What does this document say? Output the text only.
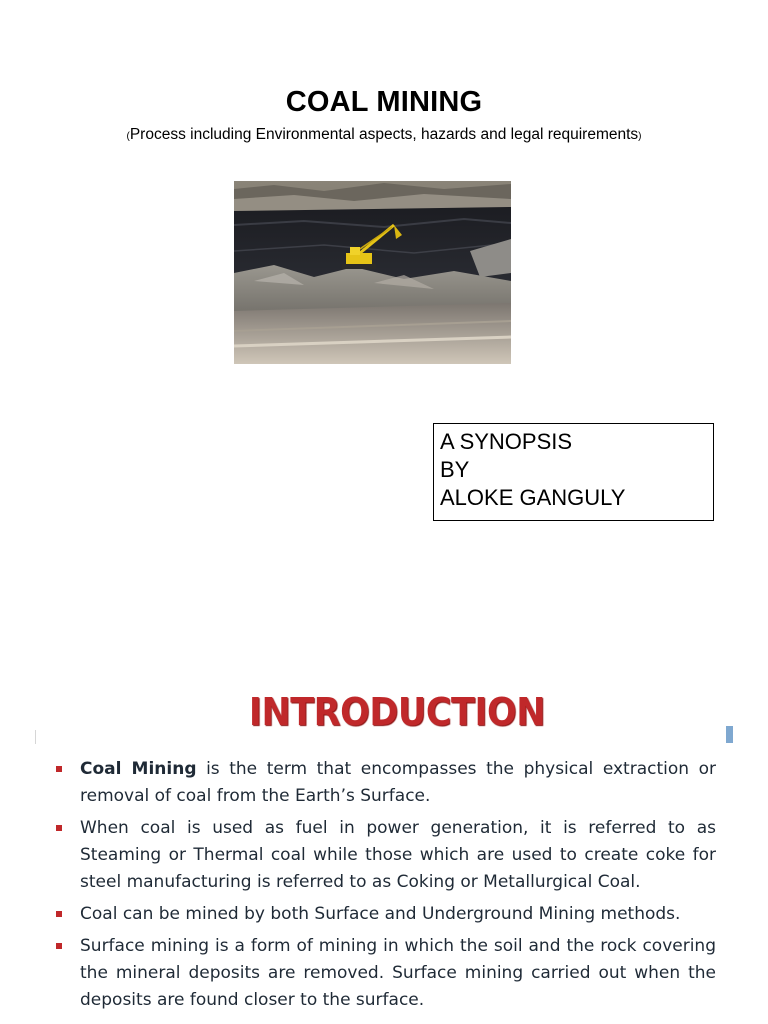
COAL MINING
(Process including Environmental aspects, hazards and legal requirements)
A SYNOPSIS
BY
ALOKE GANGULY
INTRODUCTION
Coal Mining is the term that encompasses the physical extraction or removal of coal from the Earth’s Surface.
When coal is used as fuel in power generation, it is referred to as Steaming or Thermal coal while those which are used to create coke for steel manufacturing is referred to as Coking or Metallurgical Coal.
Coal can be mined by both Surface and Underground Mining methods.
Surface mining is a form of mining in which the soil and the rock covering the mineral deposits are removed. Surface mining carried out when the deposits are found closer to the surface.
